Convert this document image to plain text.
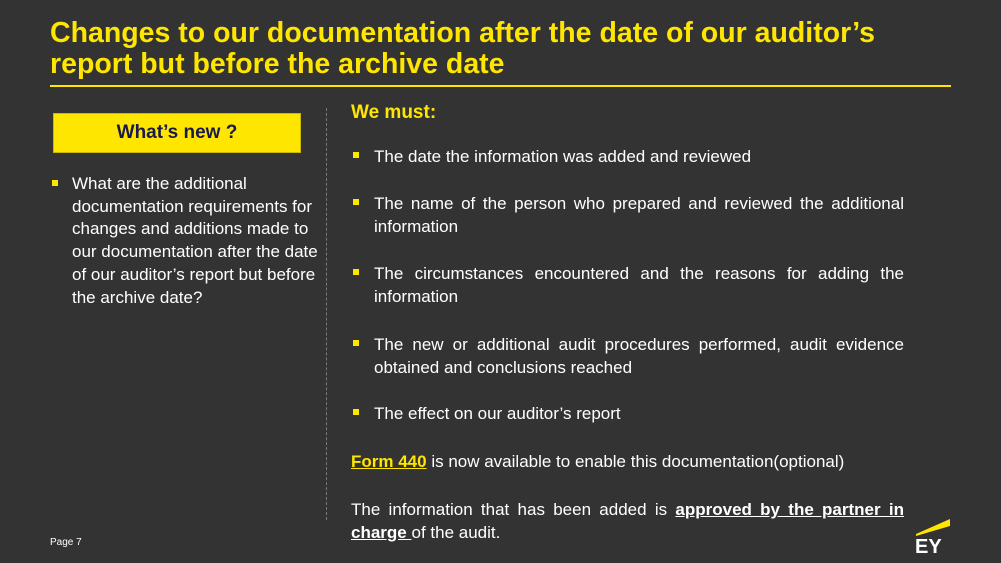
Changes to our documentation after the date of our auditor’s report but before the archive date
What’s new ?
What are the additional documentation requirements for changes and additions made to our documentation after the date of our auditor’s report but before the archive date?
We must:
The date the information was added and reviewed
The name of the person who prepared and reviewed the additional information
The circumstances encountered and the reasons for adding the information
The new or additional audit procedures performed, audit evidence obtained and conclusions reached
The effect on our auditor’s report
Form 440 is now available to enable this documentation(optional)
The information that has been added is approved by the partner in charge of the audit.
Page 7	EY
